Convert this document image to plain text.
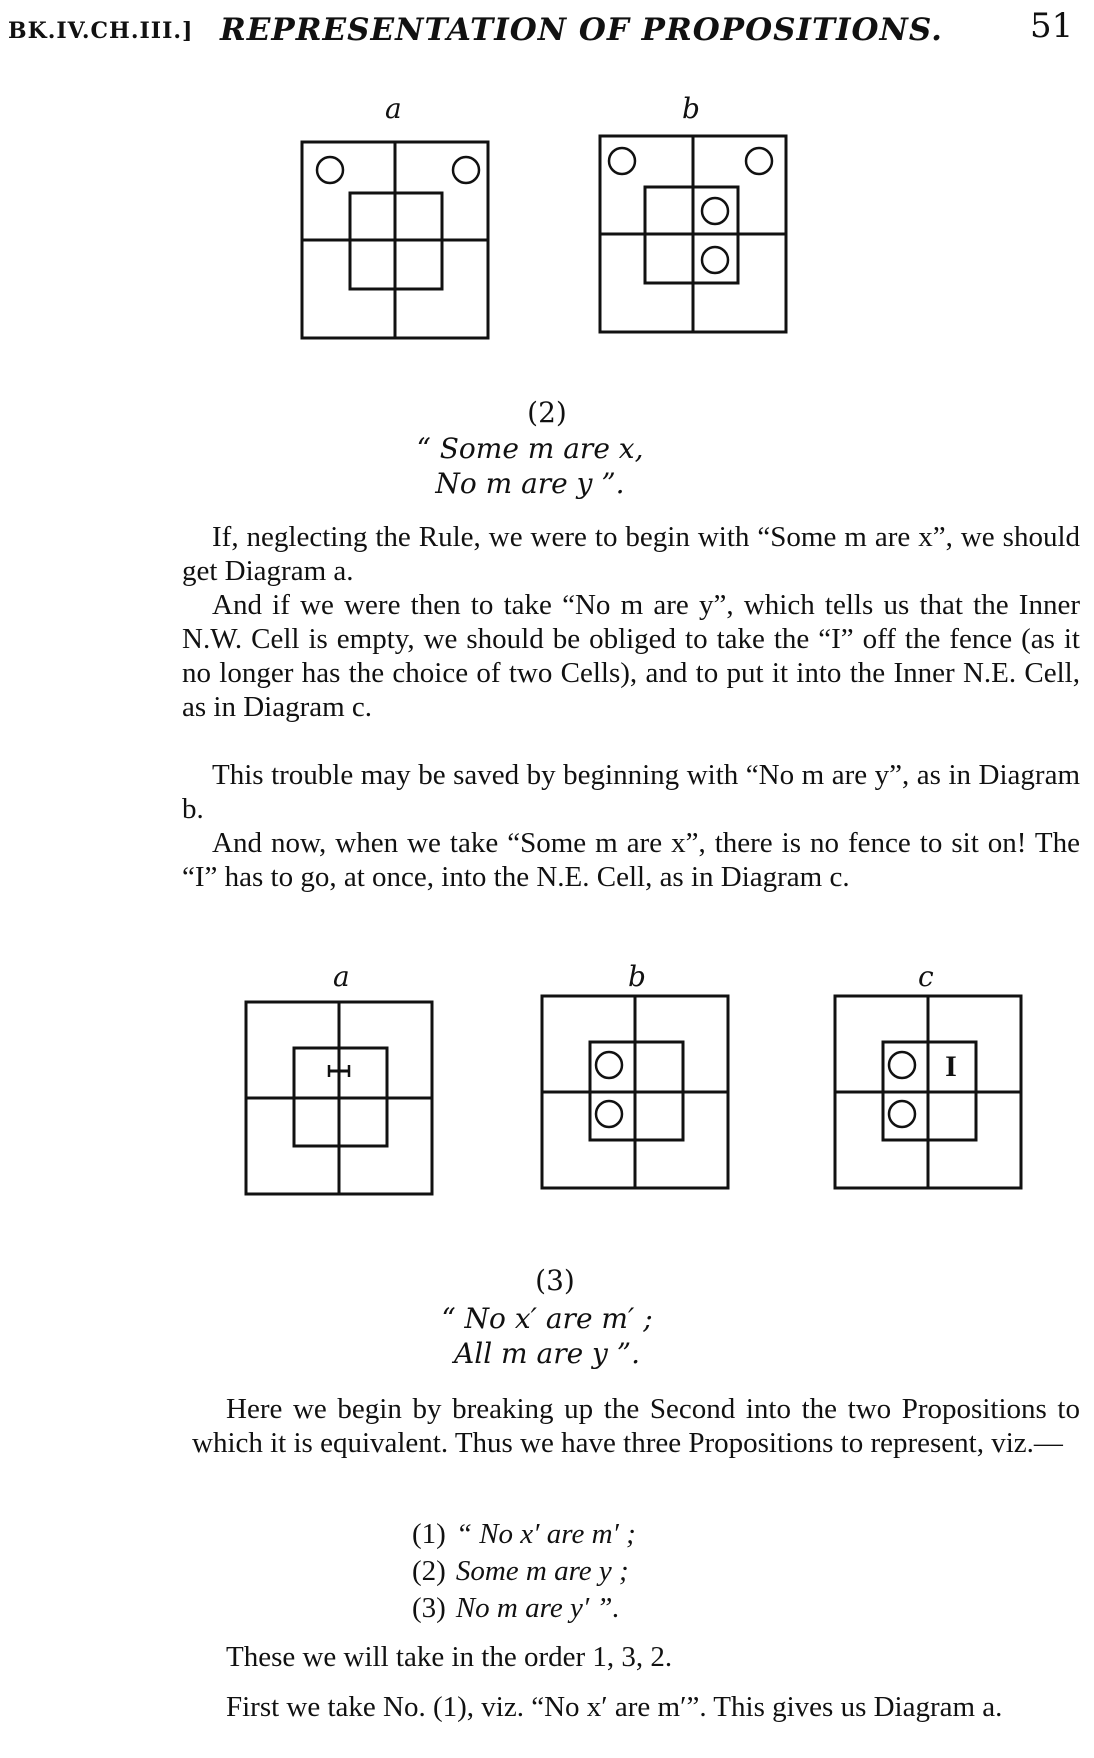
BK.IV.CH.III.] REPRESENTATION OF PROPOSITIONS.	51
a	b
(2)
“ Some m are x,
No m are y ”.
If, neglecting the Rule, we were to begin with “Some m are x”, we should get Diagram a.
And if we were then to take “No m are y”, which tells us that the Inner N.W. Cell is empty, we should be obliged to take the “I” off the fence (as it no longer has the choice of two Cells), and to put it into the Inner N.E. Cell, as in Diagram c.
This trouble may be saved by beginning with “No m are y”, as in Diagram b.
And now, when we take “Some m are x”, there is no fence to sit on! The “I” has to go, at once, into the N.E. Cell, as in Diagram c.
a	b	c
I
(3)
“ No x′ are m′ ;
All m are y ”.
Here we begin by breaking up the Second into the two Propositions to which it is equivalent. Thus we have three Propositions to represent, viz.—
(1)	“ No x′ are m′ ;
(2)	Some m are y ;
(3)	No m are y′ ”.
These we will take in the order 1, 3, 2.
First we take No. (1), viz. “No x′ are m′”. This gives us Diagram a.
